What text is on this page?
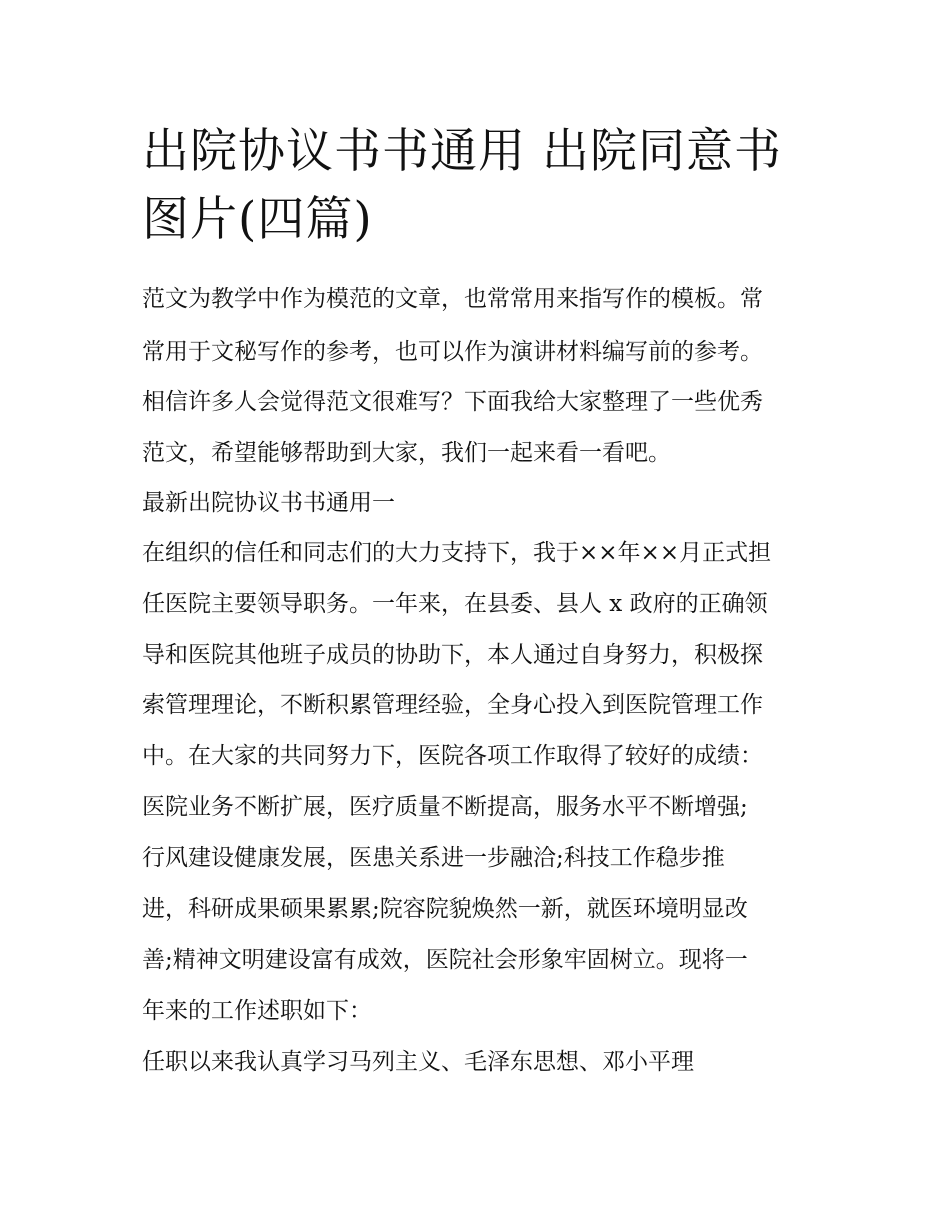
出院协议书书通用 出院同意书图片(四篇)

范文为教学中作为模范的文章，也常常用来指写作的模板。常

常用于文秘写作的参考，也可以作为演讲材料编写前的参考。

相信许多人会觉得范文很难写？下面我给大家整理了一些优秀

范文，希望能够帮助到大家，我们一起来看一看吧。

最新出院协议书书通用一

在组织的信任和同志们的大力支持下，我于××年××月正式担

任医院主要领导职务。一年来，在县委、县人 x 政府的正确领

导和医院其他班子成员的协助下，本人通过自身努力，积极探

索管理理论，不断积累管理经验，全身心投入到医院管理工作

中。在大家的共同努力下，医院各项工作取得了较好的成绩：

医院业务不断扩展，医疗质量不断提高，服务水平不断增强;

行风建设健康发展，医患关系进一步融洽;科技工作稳步推

进，科研成果硕果累累;院容院貌焕然一新，就医环境明显改

善;精神文明建设富有成效，医院社会形象牢固树立。现将一

年来的工作述职如下：

任职以来我认真学习马列主义、毛泽东思想、邓小平理
